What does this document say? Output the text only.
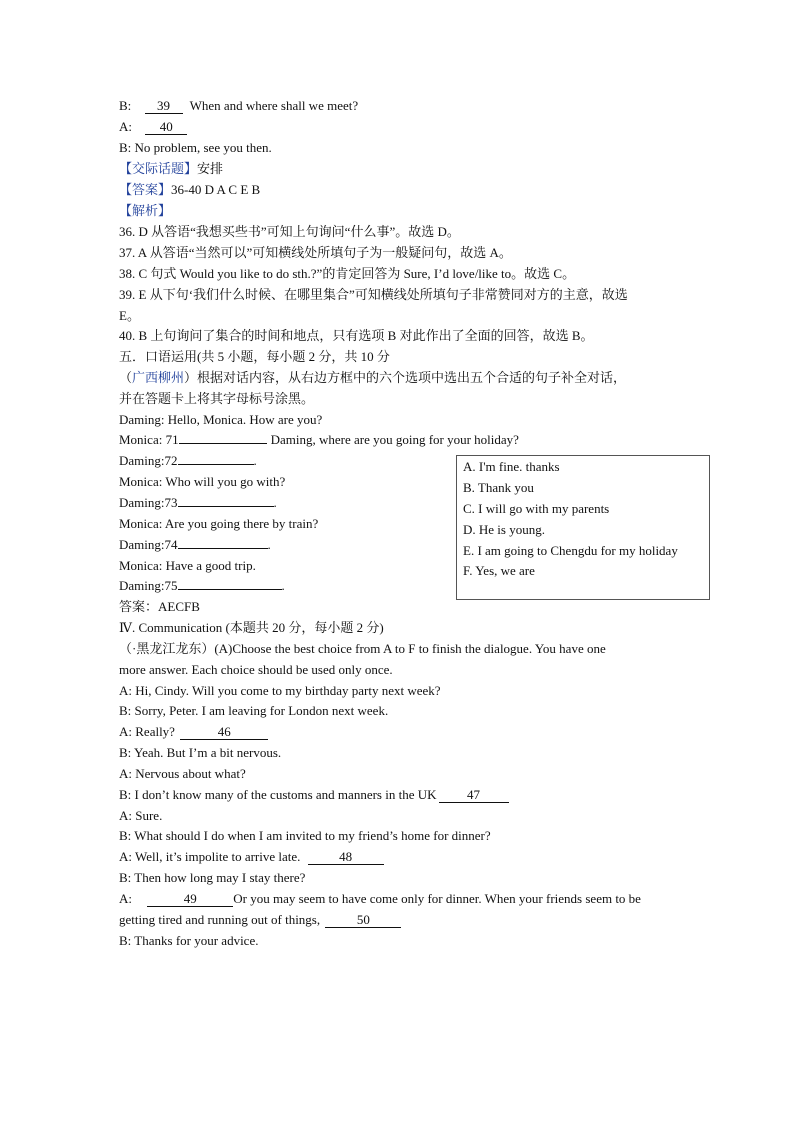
B: 39 When and where shall we meet?
A: 40
B: No problem, see you then.
【交际话题】安排
【答案】36-40 D A C E B
【解析】
36. D 从答语“我想买些书”可知上句询问“什么事”。故选 D。
37. A 从答语“当然可以”可知横线处所填句子为一般疑问句，故选 A。
38. C 句式 Would you like to do sth.?”的肯定回答为 Sure, I’d love/like to。故选 C。
39. E 从下句‘我们什么时候、在哪里集合”可知横线处所填句子非常赞同对方的主意，故选
E。
40. B 上句询问了集合的时间和地点，只有选项 B 对此作出了全面的回答，故选 B。
五．口语运用(共 5 小题，每小题 2 分，共 10 分
（广西柳州）根据对话内容，从右边方框中的六个选项中选出五个合适的句子补全对话，
并在答题卡上将其字母标号涂黑。
Daming: Hello, Monica. How are you?
Monica: 71	Daming, where are you going for your holiday?
Daming:72	.
Monica: Who will you go with?
Daming:73	.
Monica: Are you going there by train?
Daming:74	.
Monica: Have a good trip.
Daming:75	.
答案：AECFB
A. I'm fine. thanks
B. Thank you
C. I will go with my parents
D. He is young.
E. I am going to Chengdu for my holiday
F. Yes, we are
Ⅳ. Communication (本题共 20 分，每小题 2 分)
（·黑龙江龙东）(A)Choose the best choice from A to F to finish the dialogue. You have one
more answer. Each choice should be used only once.
A: Hi, Cindy. Will you come to my birthday party next week?
B: Sorry, Peter. I am leaving for London next week.
A: Really?	46
B: Yeah. But I’m a bit nervous.
A: Nervous about what?
B: I don’t know many of the customs and manners in the UK 47
A: Sure.
B: What should I do when I am invited to my friend’s home for dinner?
A: Well, it’s impolite to arrive late.	48
B: Then how long may I stay there?
A:	49	Or you may seem to have come only for dinner. When your friends seem to be
getting tired and running out of things,	50
B: Thanks for your advice.
